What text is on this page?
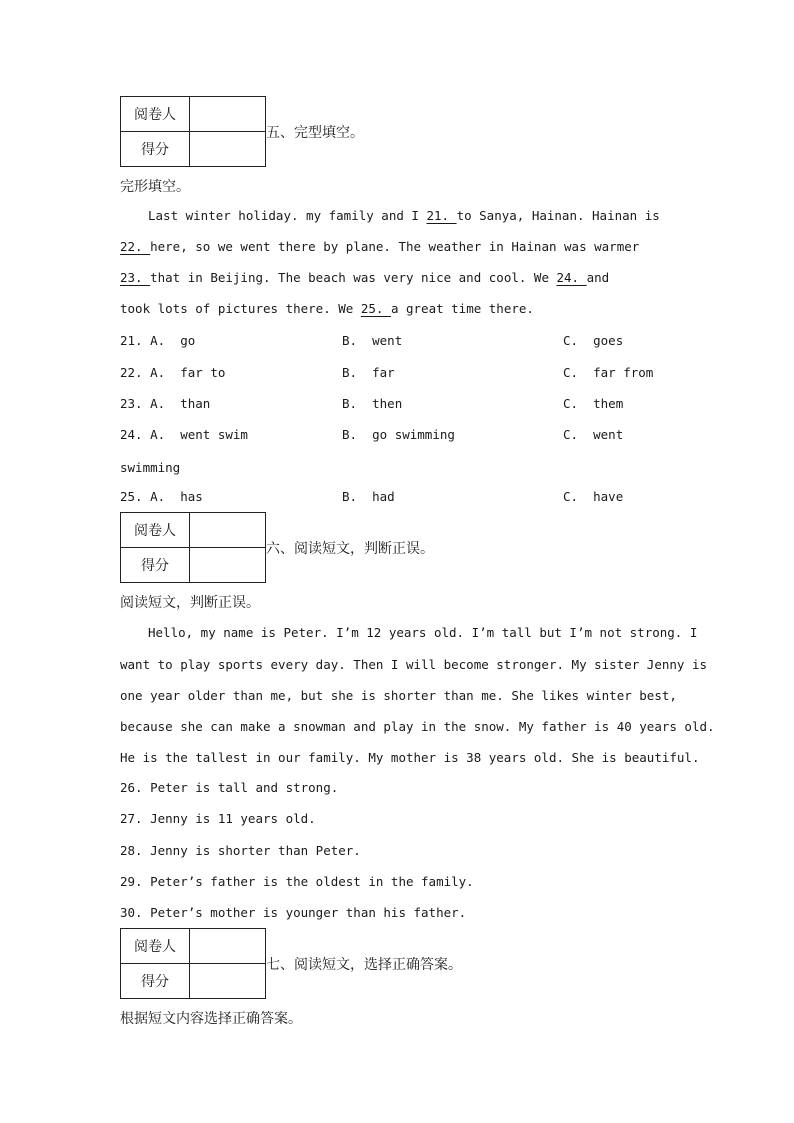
阅卷人	
得分	
五、完型填空。
完形填空。
Last winter holiday. my family and I 21. to Sanya, Hainan. Hainan is
22. here, so we went there by plane. The weather in Hainan was warmer
23. that in Beijing. The beach was very nice and cool. We 24. and
took lots of pictures there. We 25. a great time there.
21. A. go	B. went	C. goes
22. A. far to	B. far	C. far from
23. A. than	B. then	C. them
24. A. went swim	B. go swimming	C. went
swimming
25. A. has	B. had	C. have
阅卷人	
得分	
六、阅读短文，判断正误。
阅读短文，判断正误。
Hello, my name is Peter. I’m 12 years old. I’m tall but I’m not strong. I
want to play sports every day. Then I will become stronger. My sister Jenny is
one year older than me, but she is shorter than me. She likes winter best,
because she can make a snowman and play in the snow. My father is 40 years old.
He is the tallest in our family. My mother is 38 years old. She is beautiful.
26. Peter is tall and strong.
27. Jenny is 11 years old.
28. Jenny is shorter than Peter.
29. Peter’s father is the oldest in the family.
30. Peter’s mother is younger than his father.
阅卷人	
得分	
七、阅读短文，选择正确答案。
根据短文内容选择正确答案。
